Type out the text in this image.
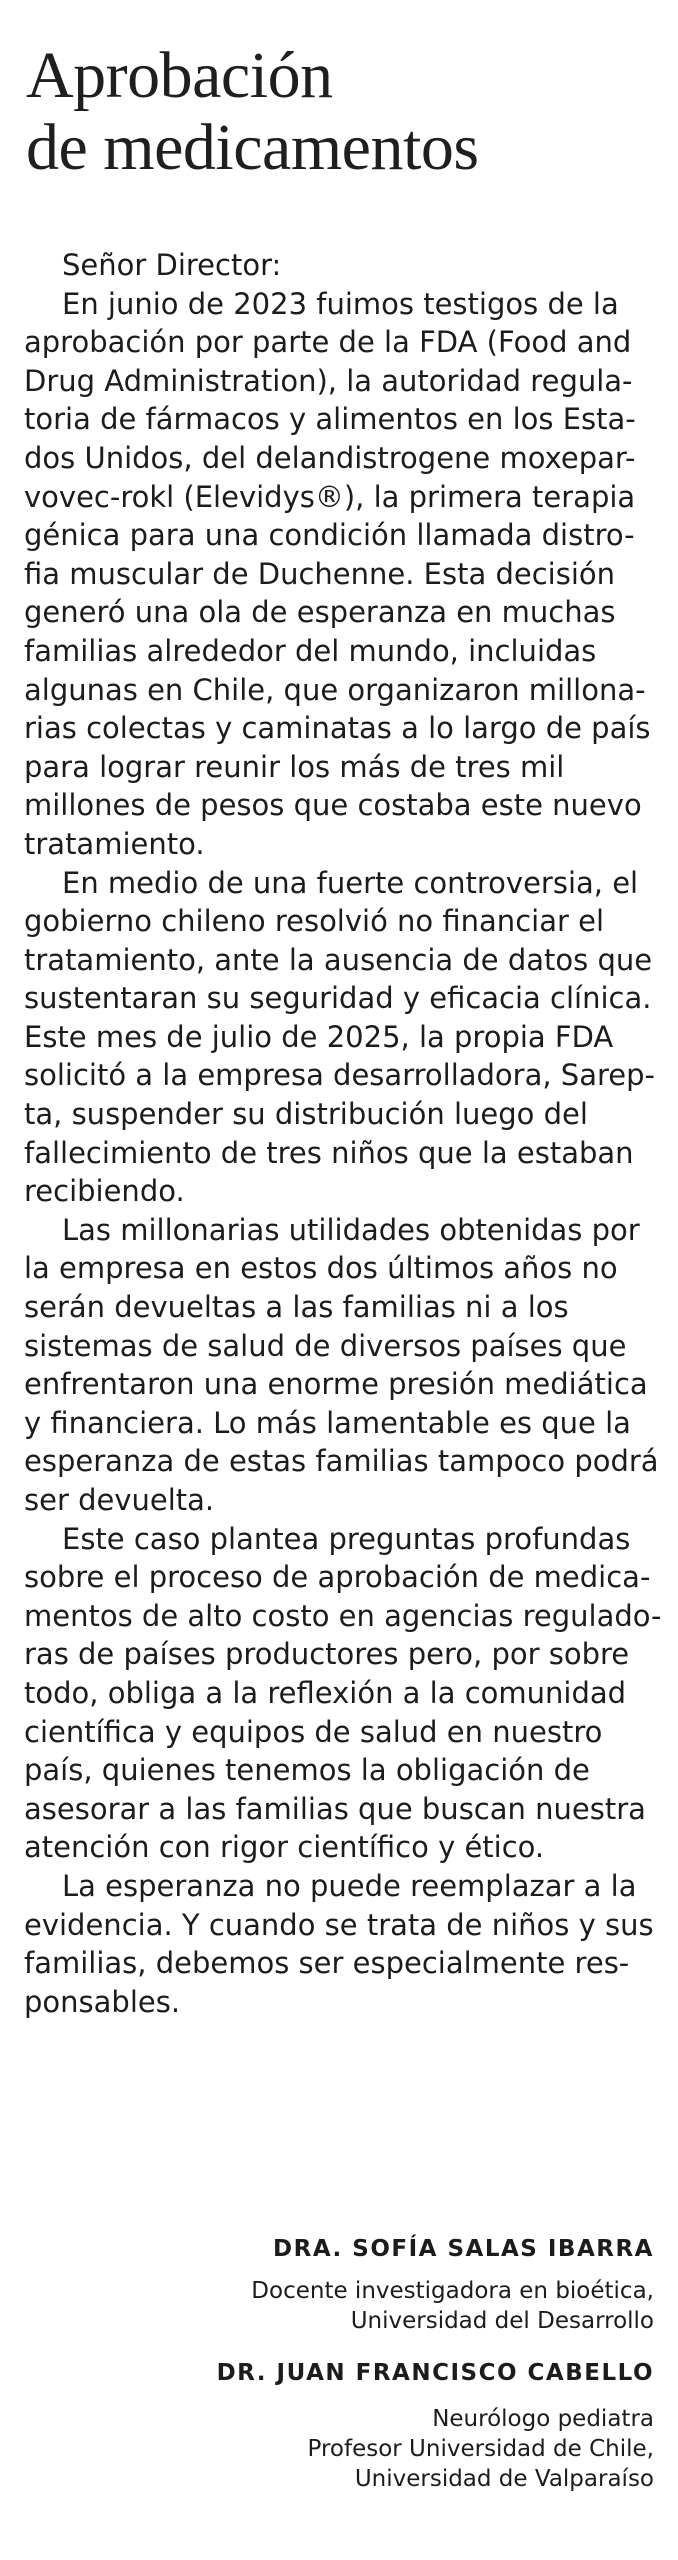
Aprobación
de medicamentos
Señor Director:
En junio de 2023 fuimos testigos de la
aprobación por parte de la FDA (Food and
Drug Administration), la autoridad regula-
toria de fármacos y alimentos en los Esta-
dos Unidos, del delandistrogene moxepar-
vovec-rokl (Elevidys®), la primera terapia
génica para una condición llamada distro-
fia muscular de Duchenne. Esta decisión
generó una ola de esperanza en muchas
familias alrededor del mundo, incluidas
algunas en Chile, que organizaron millona-
rias colectas y caminatas a lo largo de país
para lograr reunir los más de tres mil
millones de pesos que costaba este nuevo
tratamiento.
En medio de una fuerte controversia, el
gobierno chileno resolvió no financiar el
tratamiento, ante la ausencia de datos que
sustentaran su seguridad y eficacia clínica.
Este mes de julio de 2025, la propia FDA
solicitó a la empresa desarrolladora, Sarep-
ta, suspender su distribución luego del
fallecimiento de tres niños que la estaban
recibiendo.
Las millonarias utilidades obtenidas por
la empresa en estos dos últimos años no
serán devueltas a las familias ni a los
sistemas de salud de diversos países que
enfrentaron una enorme presión mediática
y financiera. Lo más lamentable es que la
esperanza de estas familias tampoco podrá
ser devuelta.
Este caso plantea preguntas profundas
sobre el proceso de aprobación de medica-
mentos de alto costo en agencias regulado-
ras de países productores pero, por sobre
todo, obliga a la reflexión a la comunidad
científica y equipos de salud en nuestro
país, quienes tenemos la obligación de
asesorar a las familias que buscan nuestra
atención con rigor científico y ético.
La esperanza no puede reemplazar a la
evidencia. Y cuando se trata de niños y sus
familias, debemos ser especialmente res-
ponsables.
DRA. SOFÍA SALAS IBARRA
Docente investigadora en bioética,
Universidad del Desarrollo
DR. JUAN FRANCISCO CABELLO
Neurólogo pediatra
Profesor Universidad de Chile,
Universidad de Valparaíso
